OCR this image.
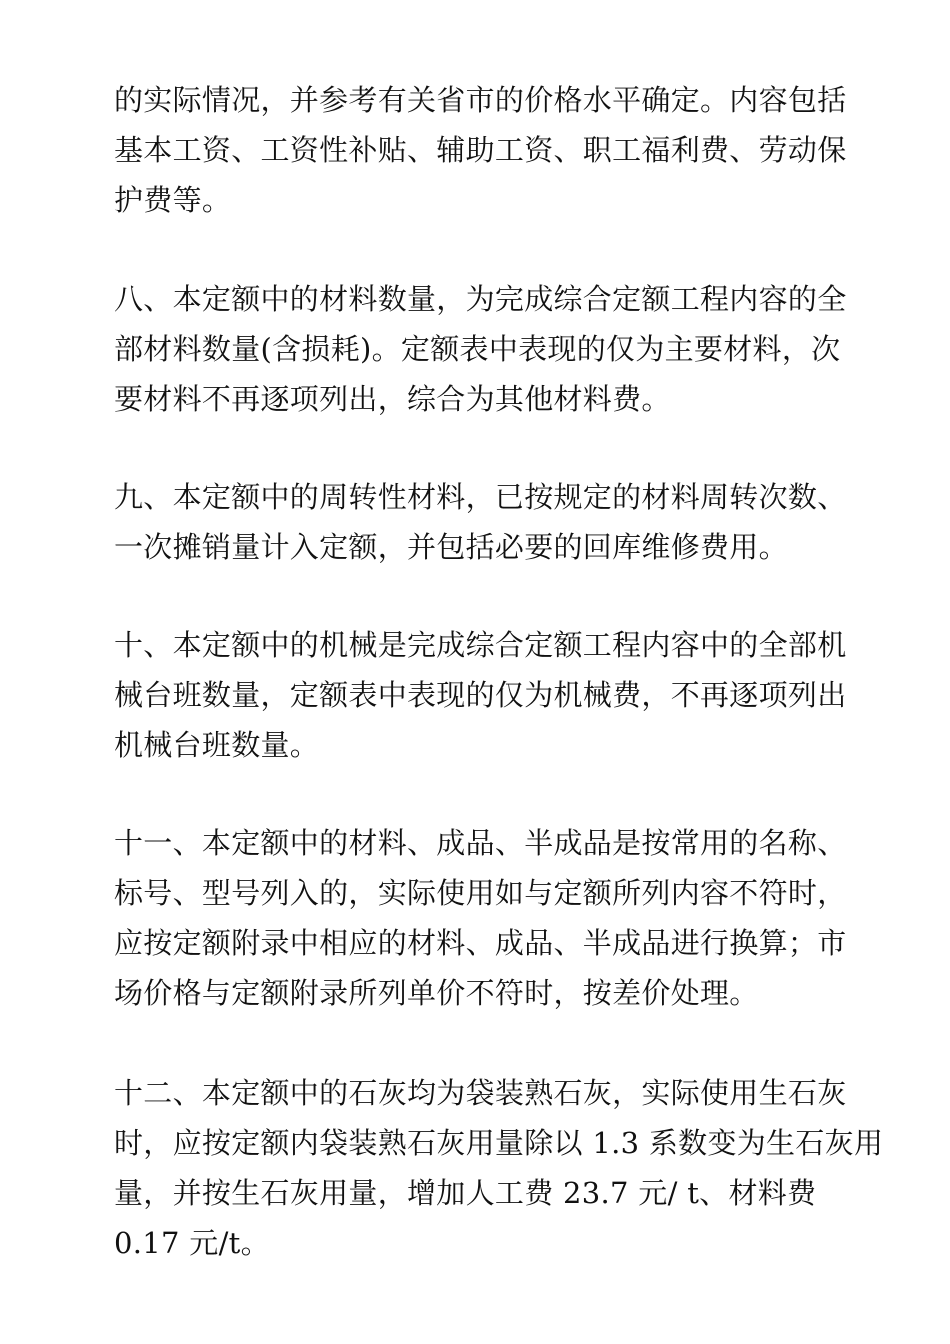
的实际情况，并参考有关省市的价格水平确定。内容包括
基本工资、工资性补贴、辅助工资、职工福利费、劳动保
护费等。
八、本定额中的材料数量，为完成综合定额工程内容的全
部材料数量(含损耗)。定额表中表现的仅为主要材料，次
要材料不再逐项列出，综合为其他材料费。
九、本定额中的周转性材料，已按规定的材料周转次数、
一次摊销量计入定额，并包括必要的回库维修费用。
十、本定额中的机械是完成综合定额工程内容中的全部机
械台班数量，定额表中表现的仅为机械费，不再逐项列出
机械台班数量。
十一、本定额中的材料、成品、半成品是按常用的名称、
标号、型号列入的，实际使用如与定额所列内容不符时，
应按定额附录中相应的材料、成品、半成品进行换算；市
场价格与定额附录所列单价不符时，按差价处理。
十二、本定额中的石灰均为袋装熟石灰，实际使用生石灰
时，应按定额内袋装熟石灰用量除以 1.3 系数变为生石灰用
量，并按生石灰用量，增加人工费 23.7 元/ t、材料费
0.17 元/t。
